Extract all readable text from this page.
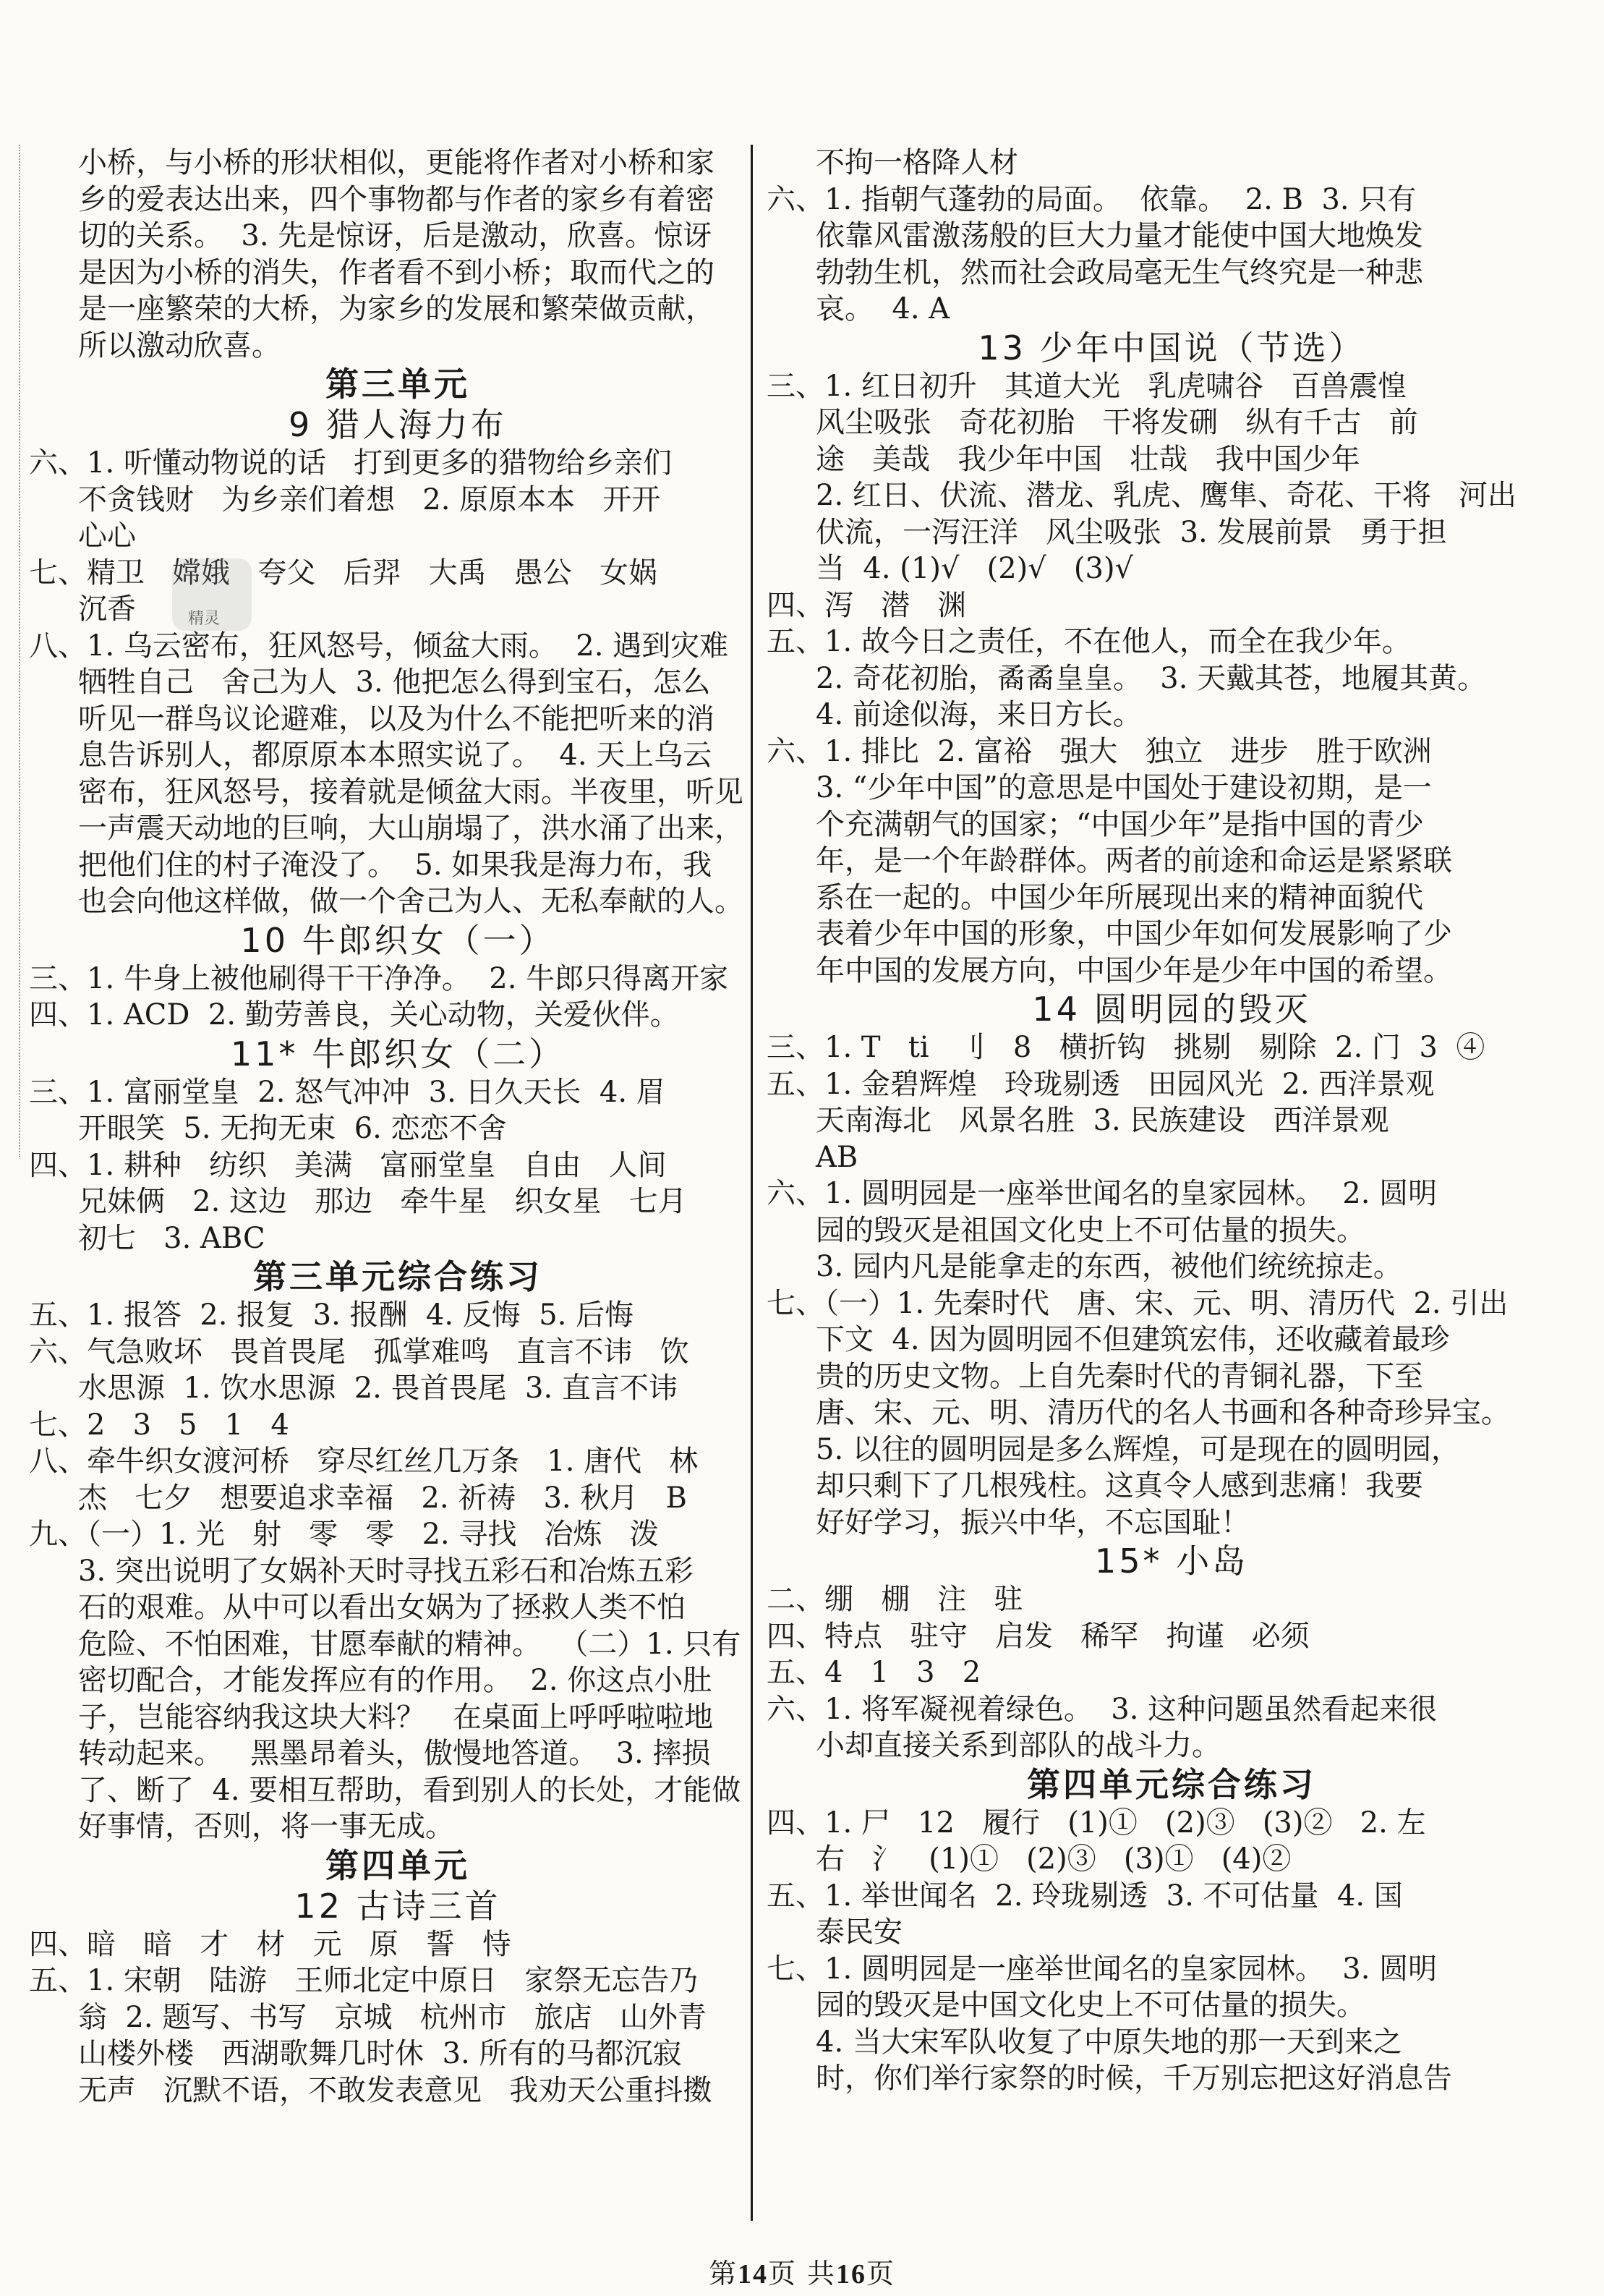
小桥，与小桥的形状相似，更能将作者对小桥和家
乡的爱表达出来，四个事物都与作者的家乡有着密
切的关系。  3. 先是惊讶，后是激动，欣喜。惊讶
是因为小桥的消失，作者看不到小桥；取而代之的
是一座繁荣的大桥，为家乡的发展和繁荣做贡献，
所以激动欣喜。
第三单元
9 猎人海力布
六、1. 听懂动物说的话   打到更多的猎物给乡亲们
不贪钱财   为乡亲们着想   2. 原原本本   开开
心心
七、精卫   嫦娥   夸父   后羿   大禹   愚公   女娲
沉香
八、1. 乌云密布，狂风怒号，倾盆大雨。  2. 遇到灾难
牺牲自己   舍己为人  3. 他把怎么得到宝石，怎么
听见一群鸟议论避难，以及为什么不能把听来的消
息告诉别人，都原原本本照实说了。  4. 天上乌云
密布，狂风怒号，接着就是倾盆大雨。半夜里，听见
一声震天动地的巨响，大山崩塌了，洪水涌了出来，
把他们住的村子淹没了。  5. 如果我是海力布，我
也会向他这样做，做一个舍己为人、无私奉献的人。
10 牛郎织女（一）
三、1. 牛身上被他刷得干干净净。  2. 牛郎只得离开家
四、1. ACD  2. 勤劳善良，关心动物，关爱伙伴。
11* 牛郎织女（二）
三、1. 富丽堂皇  2. 怒气冲冲  3. 日久天长  4. 眉
开眼笑  5. 无拘无束  6. 恋恋不舍
四、1. 耕种   纺织   美满   富丽堂皇   自由   人间
兄妹俩   2. 这边   那边   牵牛星   织女星   七月
初七   3. ABC
第三单元综合练习
五、1. 报答  2. 报复  3. 报酬  4. 反悔  5. 后悔
六、气急败坏   畏首畏尾   孤掌难鸣   直言不讳   饮
水思源  1. 饮水思源  2. 畏首畏尾  3. 直言不讳
七、2   3   5   1   4
八、牵牛织女渡河桥   穿尽红丝几万条   1. 唐代   林
杰   七夕   想要追求幸福   2. 祈祷   3. 秋月   B
九、（一）1. 光   射   零   零   2. 寻找   冶炼   泼
3. 突出说明了女娲补天时寻找五彩石和冶炼五彩
石的艰难。从中可以看出女娲为了拯救人类不怕
危险、不怕困难，甘愿奉献的精神。  （二）1. 只有
密切配合，才能发挥应有的作用。  2. 你这点小肚
子，岂能容纳我这块大料？   在桌面上呼呼啦啦地
转动起来。   黑墨昂着头，傲慢地答道。  3. 摔损
了、断了  4. 要相互帮助，看到别人的长处，才能做
好事情，否则，将一事无成。
第四单元
12 古诗三首
四、暗   暗   才   材   元   原   誓   恃
五、1. 宋朝   陆游   王师北定中原日   家祭无忘告乃
翁  2. 题写、书写   京城   杭州市   旅店   山外青
山楼外楼   西湖歌舞几时休  3. 所有的马都沉寂
无声   沉默不语，不敢发表意见   我劝天公重抖擞
不拘一格降人材
六、1. 指朝气蓬勃的局面。  依靠。  2. B  3. 只有
依靠风雷激荡般的巨大力量才能使中国大地焕发
勃勃生机，然而社会政局毫无生气终究是一种悲
哀。  4. A
13 少年中国说（节选）
三、1. 红日初升   其道大光   乳虎啸谷   百兽震惶
风尘吸张   奇花初胎   干将发硎   纵有千古   前
途   美哉   我少年中国   壮哉   我中国少年
2. 红日、伏流、潜龙、乳虎、鹰隼、奇花、干将   河出
伏流，一泻汪洋   风尘吸张  3. 发展前景   勇于担
当  4. (1)√   (2)√   (3)√
四、泻   潜   渊
五、1. 故今日之责任，不在他人，而全在我少年。
2. 奇花初胎，矞矞皇皇。  3. 天戴其苍，地履其黄。
4. 前途似海，来日方长。
六、1. 排比  2. 富裕   强大   独立   进步   胜于欧洲
3. “少年中国”的意思是中国处于建设初期，是一
个充满朝气的国家；“中国少年”是指中国的青少
年，是一个年龄群体。两者的前途和命运是紧紧联
系在一起的。中国少年所展现出来的精神面貌代
表着少年中国的形象，中国少年如何发展影响了少
年中国的发展方向，中国少年是少年中国的希望。
14 圆明园的毁灭
三、1. T   ti   刂   8   横折钩   挑剔   剔除  2. 门  3  ④
五、1. 金碧辉煌   玲珑剔透   田园风光  2. 西洋景观
天南海北   风景名胜  3. 民族建设   西洋景观
AB
六、1. 圆明园是一座举世闻名的皇家园林。  2. 圆明
园的毁灭是祖国文化史上不可估量的损失。
3. 园内凡是能拿走的东西，被他们统统掠走。
七、（一）1. 先秦时代   唐、宋、元、明、清历代  2. 引出
下文  4. 因为圆明园不但建筑宏伟，还收藏着最珍
贵的历史文物。上自先秦时代的青铜礼器，下至
唐、宋、元、明、清历代的名人书画和各种奇珍异宝。
5. 以往的圆明园是多么辉煌，可是现在的圆明园，
却只剩下了几根残柱。这真令人感到悲痛！我要
好好学习，振兴中华，不忘国耻！
15* 小岛
二、绷   棚   注   驻
四、特点   驻守   启发   稀罕   拘谨   必须
五、4   1   3   2
六、1. 将军凝视着绿色。  3. 这种问题虽然看起来很
小却直接关系到部队的战斗力。
第四单元综合练习
四、1. 尸   12   履行   (1)①   (2)③   (3)②   2. 左
右   氵   (1)①   (2)③   (3)①   (4)②
五、1. 举世闻名  2. 玲珑剔透  3. 不可估量  4. 国
泰民安
七、1. 圆明园是一座举世闻名的皇家园林。  3. 圆明
园的毁灭是中国文化史上不可估量的损失。
4. 当大宋军队收复了中原失地的那一天到来之
时，你们举行家祭的时候，千万别忘把这好消息告
精灵
第14页 共16页
